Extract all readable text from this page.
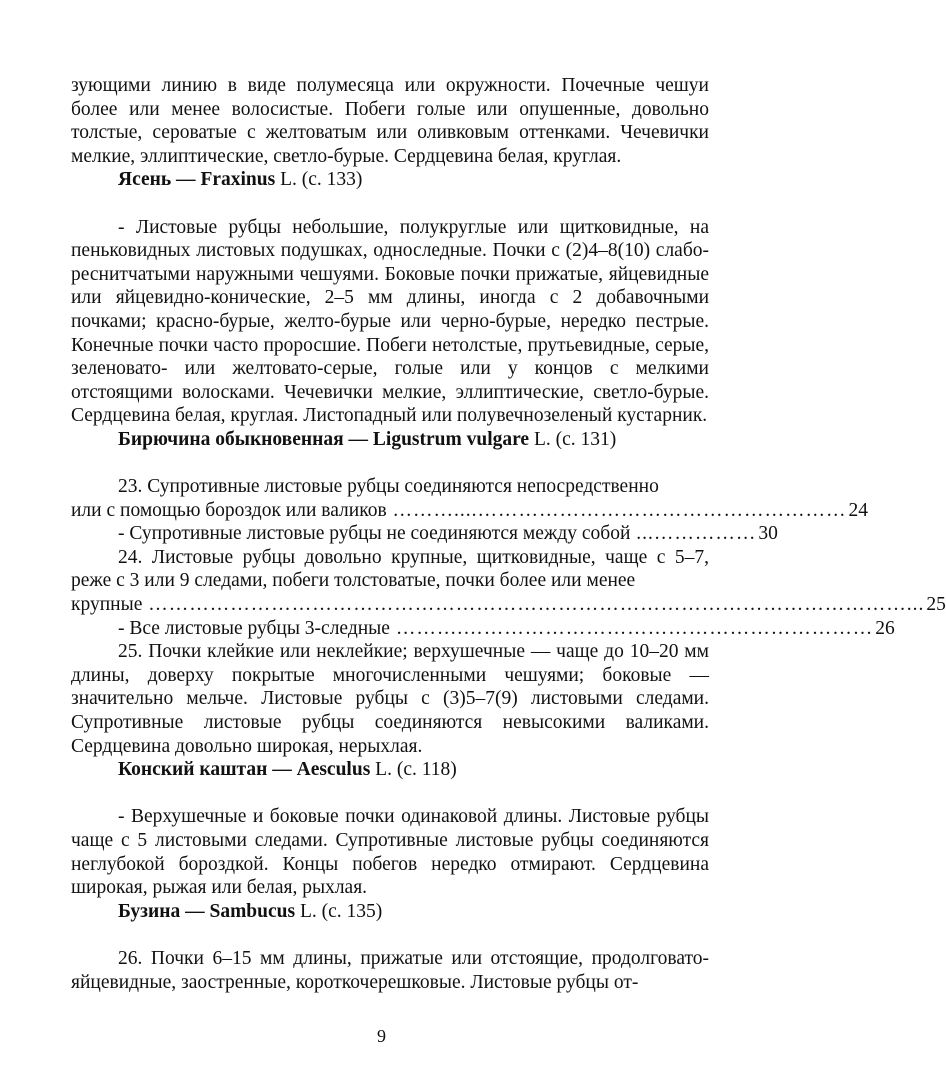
зующими линию в виде полумесяца или окружности. Почечные чешуи более или менее волосистые. Побеги голые или опушенные, довольно толстые, сероватые с желтоватым или оливковым оттенками. Чечевички мелкие, эллиптические, светло-бурые. Сердцевина белая, круглая.

Ясень — Fraxinus L. (с. 133)

- Листовые рубцы небольшие, полукруглые или щитковидные, на пеньковидных листовых подушках, односледные. Почки с (2)4–8(10) слабо-реснитчатыми наружными чешуями. Боковые почки прижатые, яйцевидные или яйцевидно-конические, 2–5 мм длины, иногда с 2 добавочными почками; красно-бурые, желто-бурые или черно-бурые, нередко пестрые. Конечные почки часто проросшие. Побеги нетолстые, прутьевидные, серые, зеленовато- или желтовато-серые, голые или у концов с мелкими отстоящими волосками. Чечевички мелкие, эллиптические, светло-бурые. Сердцевина белая, круглая. Листопадный или полувечнозеленый кустарник.

Бирючина обыкновенная — Ligustrum vulgare L. (с. 131)

23. Супротивные листовые рубцы соединяются непосредственно

или с помощью бороздок или валиков ………....……………………………………………… 24
- Супротивные листовые рубцы не соединяются между собой ...…………… 30

24. Листовые рубцы довольно крупные, щитковидные, чаще с 5–7, реже с 3 или 9 следами, побеги толстоватые, почки более или менее

крупные …………………………………………………………………………………………………... 25
- Все листовые рубцы 3-следные ……….…………………………………………………… 26

25. Почки клейкие или неклейкие; верхушечные — чаще до 10–20 мм длины, доверху покрытые многочисленными чешуями; боковые — значительно мельче. Листовые рубцы с (3)5–7(9) листовыми следами. Супротивные листовые рубцы соединяются невысокими валиками. Сердцевина довольно широкая, нерыхлая.

Конский каштан — Aesculus L. (с. 118)

- Верхушечные и боковые почки одинаковой длины. Листовые рубцы чаще с 5 листовыми следами. Супротивные листовые рубцы соединяются неглубокой бороздкой. Концы побегов нередко отмирают. Сердцевина широкая, рыжая или белая, рыхлая.

Бузина — Sambucus L. (с. 135)

26. Почки 6–15 мм длины, прижатые или отстоящие, продолговато-яйцевидные, заостренные, короткочерешковые. Листовые рубцы от-

9
